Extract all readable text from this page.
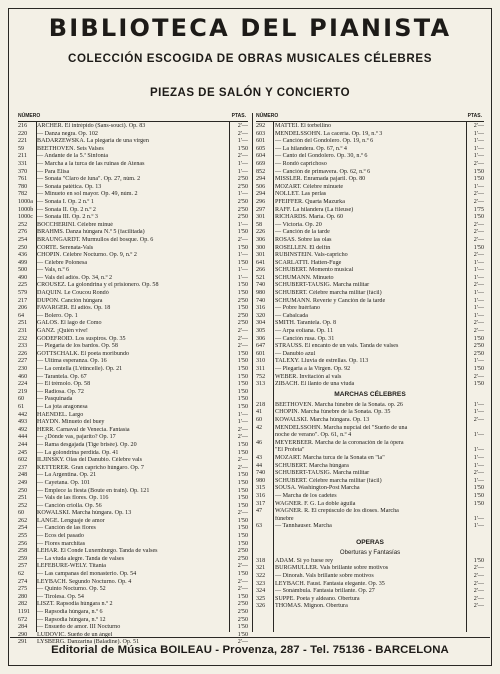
BIBLIOTECA DEL PIANISTA
COLECCIÓN ESCOGIDA DE OBRAS MUSICALES CÉLEBRES
PIEZAS DE SALÓN Y CONCIERTO
NÚMERO	PTAS.
216	ARCHER. El intrépido (Sans-souci). Op. 83	2'—
220	— Danza negra. Op. 102	2'—
221	BADARZEWSKA. La plegaria de una virgen	1'—
59	BEETHOVEN. Seis Valses	1'50
211	— Andante de la 5.ª Sinfonía	2'—
331	— Marcha a la turca de las ruinas de Atenas	1'—
370	— Para Elisa	1'—
761	— Sonata "Claro de luna". Op. 27, núm. 2	2'50
780	— Sonata patética. Op. 13	2'50
782	— Minueto en sol mayor. Op. 49, núm. 2	1'—
1000a — Sonata I. Op. 2 n.º 1	2'50
1000b — Sonata II. Op. 2 n.º 2	2'50
1000c — Sonata III. Op. 2 n.º 3	2'50
252	BOCCHERINI. Célebre minué	1'—
276	BRAHMS. Danza húngara N.º 5 (facilitada)	1'50
254	BRAUNGARDT. Murmullos del bosque. Op. 6	2'—
250	CORTE. Serenata-Vals	1'50
436	CHOPIN. Célebre Nocturno. Op. 9, n.º 2	1'—
499	— Célebre Polonesa	1'50
500	— Vals, n.º 6	1'—
490	— Vals del adiós. Op. 34, n.º 2	1'—
225	CROUSEZ. La golondrina y el prisionero. Op. 58	1'50
579	DAQUIN. Le Coucou Rondó	1'50
217	DUPON. Canción húngara	2'50
206	FAVARGER. El adiós. Op. 18	1'50
64	— Bolero. Op. 1	2'50
251	GALOS. El lago de Como	2'50
231	GANZ. ¡Quién vive!	2'—
232	GODEFROID. Los suspiros. Op. 35	2'—
233	— Plegaria de los bardos. Op. 58	2'—
226	GOTTSCHALK. El poeta moribundo	1'50
227	— Última esperanza. Op. 16	1'50
230	— La centella (L'étincelle). Op. 21	1'50
460	— Tarantela. Op. 67	1'50
224	— El trémolo. Op. 58	1'50
219	— Radiosa. Op. 72	1'50
60	— Pasquinada	1'50
61	— La jota aragonesa	1'50
442	HAENDEL. Largo	1'—
493	HAYDN. Minueto del buey	1'—
492	HERR. Carnaval de Venecia. Fantasía	2'—
444	— ¿Dónde vas, pajarito? Op. 17	2'—
244	— Rama desgajada (Tige brisée). Op. 20	1'50
245	— La golondrina perdida. Op. 41	1'50
602	ILJINSKY. Olas del Danubio. Célebre vals	2'—
237	KETTERER. Gran capricho húngaro. Op. 7	2'—
248	— La Argentina. Op. 21	1'50
249	— Cayetana. Op. 101	1'50
250	— Emplece la fiesta (Boute en train). Op. 121	1'50
251	— Vals de las flores. Op. 116	1'50
252	— Canción criolla. Op. 56	1'50
60	KOWALSKI. Marcha húngara. Op. 13	2'—
262	LANGE. Lenguaje de amor	1'50
254	— Canción de las flores	1'50
255	— Ecos del pasado	1'50
256	— Flores marchitas	1'50
258	LEHAR. El Conde Luxemburgo. Tanda de valses	2'50
259	— La viuda alegre. Tanda de valses	2'50
257	LEFEBURE-WELY. Titania	2'—
62	— Las campanas del monasterio. Op. 54	1'50
274	LEYBACH. Segundo Nocturno. Op. 4	2'—
275	— Quinto Nocturno. Op. 52	2'—
280	— Tirolesa. Op. 54	1'50
282	LISZT. Rapsodia húngara n.º 2	2'50
1191	— Rapsodia húngara, n.º 6	2'50
672	— Rapsodia húngara, n.º 12	2'50
284	— Ensueño de amor. III Nocturno	1'50
290	LUDOVIC. Sueño de un ángel	1'50
291	LYSBERG. Danzarina (Baladine). Op. 51	2'—
NÚMERO	PTAS.
292	MATTEI. El torbellino	2'—
603	MENDELSSOHN. La cacería. Op. 19, n.º 3	1'—
601	— Canción del Gondolero. Op. 19, n.º 6	1'—
605	— La hilandera. Op. 67, n.º 4	1'—
604	— Canto del Gondolero. Op. 30, n.º 6	1'—
669	— Rondó caprichoso	2'—
852	— Canción de primavera. Op. 62, n.º 6	1'50
294	MISSLER. Enramada pajaril. Op. 80	1'50
506	MOZART. Célebre minuete	1'—
294	NOLLET. Las perlas	2'—
296	PFEIFFER. Quarta Mazurka	2'—
297	RAFF. La hilandera (La fileuse)	1'75
301	RICHARDS. María. Op. 60	1'50
58	— Victoria. Op. 20	2'—
226	— Canción de la tarde	2'—
306	ROSAS. Sobre las olas	2'—
300	ROSELLEN. El delfín	1'50
301	RUBINSTEIN. Vals-capricho	2'—
641	SCARLATTI. Hatten-Fuge	1'—
266	SCHUBERT. Momento musical	1'—
521	SCHUMANN. Minueto	1'—
740	SCHUBERT-TAUSIG. Marcha militar	2'—
980	SCHUBERT. Célebre marcha militar (fácil)	1'—
740	SCHUMANN. Reverie y Canción de la tarde	1'—
316	— Pobre huérfano	1'—
320	— Cabalcada	1'—
304	SMITH. Tarantela. Op. 8	2'—
305	— Arpa eolíana. Op. 11	2'—
306	— Canción rusa. Op. 31	1'50
647	STRAUSS. El encanto de un vals. Tanda de valses	2'50
601	— Danubio azul	2'50
310	TALEXY. Lluvia de estrellas. Op. 113	1'—
311	— Plegaria a la Virgen. Op. 92	1'50
752	WEBER. Invitación al vals	2'—
313	ZIBACH. El llanto de una viuda	1'50
MARCHAS CÉLEBRES
218	BEETHOVEN. Marcha fúnebre de la Sonata. op. 26	1'—
41	CHOPIN. Marcha fúnebre de la Sonata. Op. 35	1'—
60	KOWALSKI. Marcha húngara. Op. 13	2'—
42	MENDELSSOHN. Marcha nupcial del "Sueño de una
noche de verano". Op. 61, n.º 4	1'—
46	MEYERBEER. Marcha de la coronación de la ópera
"El Profeta"	1'—
43	MOZART. Marcha turca de la Sonata en "la"	1'—
44	SCHUBERT. Marcha húngara	1'—
740	SCHUBERT-TAUSIG. Marcha militar	2'—
980	SCHUBERT. Célebre marcha militar (fácil)	1'—
315	SOUSA. Washington-Post Marcha	1'50
316	— Marcha de los cadetes	1'50
317	WAGNER. F. G. La doble águila	1'50
47	WAGNER. R. El crepúsculo de los dioses. Marcha
fúnebre	1'—
63	— Tannhauser. Marcha	1'—
OPERAS
Oberturas y Fantasías
318	ADAM. Si yo fuese rey	1'50
321	BURGMÜLLER. Vals brillante sobre motivos	2'—
322	— Dinorah. Vals brillante sobre motivos	2'—
323	LEYBACH. Faust. Fantasía elegante. Op. 35	2'—
324	— Sonámbula. Fantasía brillante. Op. 27	2'—
325	SUPPÉ. Poeta y aldeano. Obertura	2'—
326	THOMAS. Mignon. Obertura	2'—
Editorial de Música BOILEAU - Provenza, 287 - Tel. 75136 - BARCELONA
